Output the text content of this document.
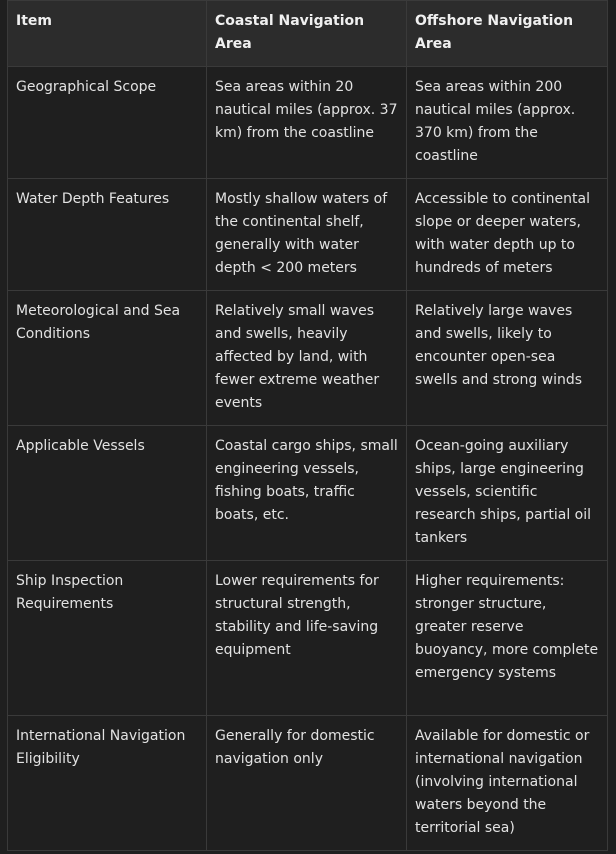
Item	Coastal Navigation Area	Offshore Navigation Area
Geographical Scope	Sea areas within 20 nautical miles (approx. 37 km) from the coastline	Sea areas within 200 nautical miles (approx. 370 km) from the coastline
Water Depth Features	Mostly shallow waters of the continental shelf, generally with water depth < 200 meters	Accessible to continental slope or deeper waters, with water depth up to hundreds of meters
Meteorological and Sea Conditions	Relatively small waves and swells, heavily affected by land, with fewer extreme weather events	Relatively large waves and swells, likely to encounter open-sea swells and strong winds
Applicable Vessels	Coastal cargo ships, small engineering vessels, fishing boats, traffic boats, etc.	Ocean-going auxiliary ships, large engineering vessels, scientific research ships, partial oil tankers
Ship Inspection Requirements	Lower requirements for structural strength, stability and life-saving equipment	Higher requirements: stronger structure, greater reserve buoyancy, more complete emergency systems
International Navigation Eligibility	Generally for domestic navigation only	Available for domestic or international navigation (involving international waters beyond the territorial sea)
